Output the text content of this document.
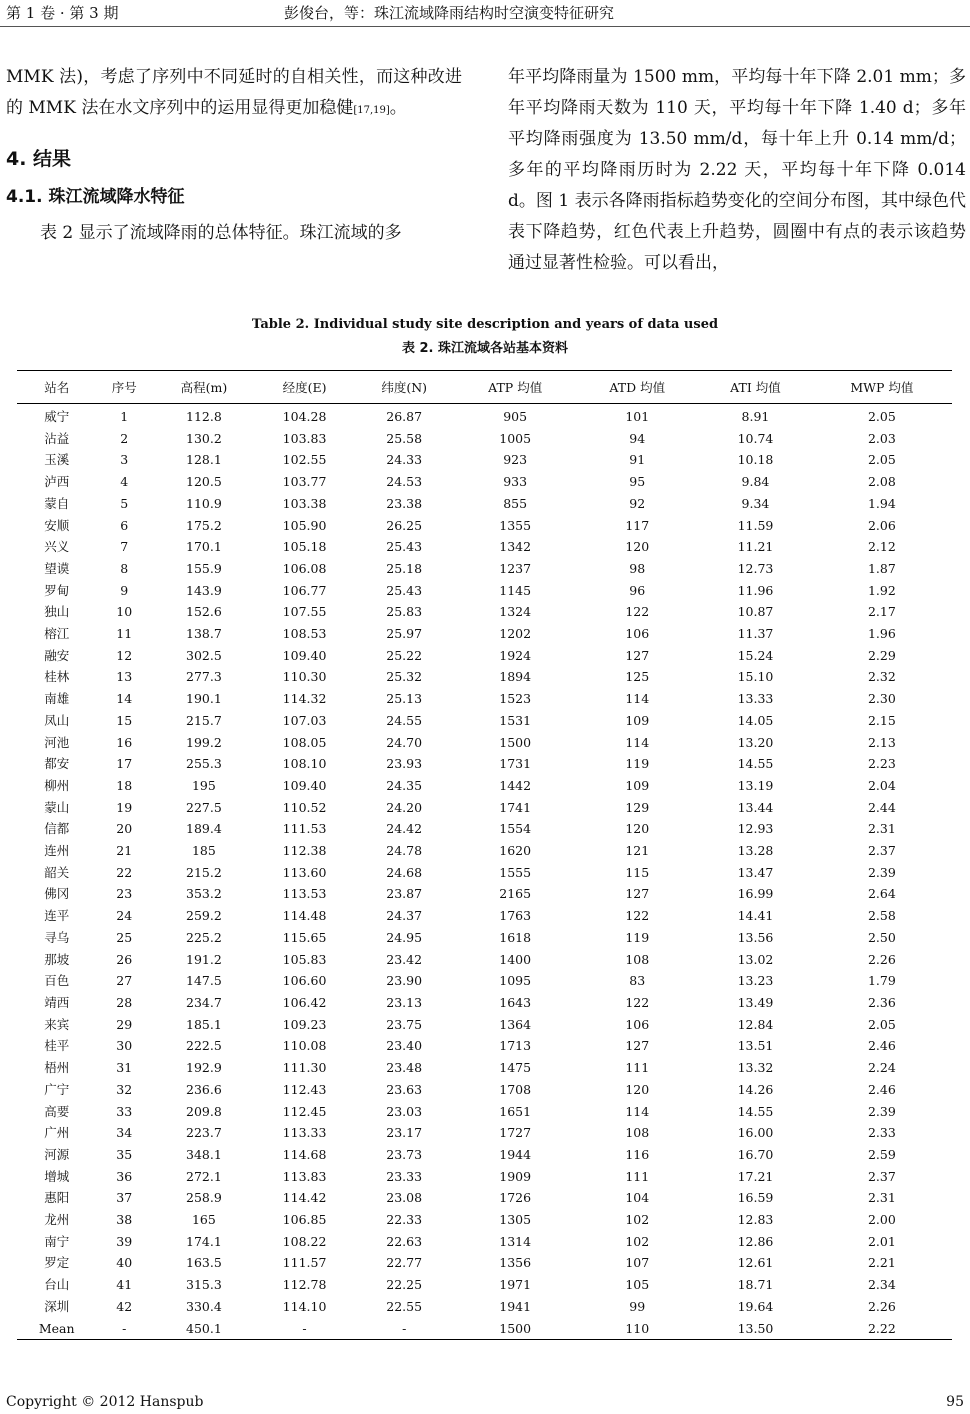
第 1 卷 · 第 3 期	彭俊台，等：珠江流域降雨结构时空演变特征研究

MMK 法)，考虑了序列中不同延时的自相关性，而这种改进的 MMK 法在水文序列中的运用显得更加稳健[17,19]。

4. 结果
4.1. 珠江流域降水特征

表 2 显示了流域降雨的总体特征。珠江流域的多

年平均降雨量为 1500 mm，平均每十年下降 2.01 mm；多年平均降雨天数为 110 天，平均每十年下降 1.40 d；多年平均降雨强度为 13.50 mm/d，每十年上升 0.14 mm/d；多年的平均降雨历时为 2.22 天，平均每十年下降 0.014 d。图 1 表示各降雨指标趋势变化的空间分布图，其中绿色代表下降趋势，红色代表上升趋势，圆圈中有点的表示该趋势通过显著性检验。可以看出，

Table 2. Individual study site description and years of data used
表 2. 珠江流域各站基本资料
站名	序号	高程(m)	经度(E)	纬度(N)	ATP 均值	ATD 均值	ATI 均值	MWP 均值
威宁	1	112.8	104.28	26.87	905	101	8.91	2.05
沾益	2	130.2	103.83	25.58	1005	94	10.74	2.03
玉溪	3	128.1	102.55	24.33	923	91	10.18	2.05
泸西	4	120.5	103.77	24.53	933	95	9.84	2.08
蒙自	5	110.9	103.38	23.38	855	92	9.34	1.94
安顺	6	175.2	105.90	26.25	1355	117	11.59	2.06
兴义	7	170.1	105.18	25.43	1342	120	11.21	2.12
望谟	8	155.9	106.08	25.18	1237	98	12.73	1.87
罗甸	9	143.9	106.77	25.43	1145	96	11.96	1.92
独山	10	152.6	107.55	25.83	1324	122	10.87	2.17
榕江	11	138.7	108.53	25.97	1202	106	11.37	1.96
融安	12	302.5	109.40	25.22	1924	127	15.24	2.29
桂林	13	277.3	110.30	25.32	1894	125	15.10	2.32
南雄	14	190.1	114.32	25.13	1523	114	13.33	2.30
凤山	15	215.7	107.03	24.55	1531	109	14.05	2.15
河池	16	199.2	108.05	24.70	1500	114	13.20	2.13
都安	17	255.3	108.10	23.93	1731	119	14.55	2.23
柳州	18	195	109.40	24.35	1442	109	13.19	2.04
蒙山	19	227.5	110.52	24.20	1741	129	13.44	2.44
信都	20	189.4	111.53	24.42	1554	120	12.93	2.31
连州	21	185	112.38	24.78	1620	121	13.28	2.37
韶关	22	215.2	113.60	24.68	1555	115	13.47	2.39
佛冈	23	353.2	113.53	23.87	2165	127	16.99	2.64
连平	24	259.2	114.48	24.37	1763	122	14.41	2.58
寻乌	25	225.2	115.65	24.95	1618	119	13.56	2.50
那坡	26	191.2	105.83	23.42	1400	108	13.02	2.26
百色	27	147.5	106.60	23.90	1095	83	13.23	1.79
靖西	28	234.7	106.42	23.13	1643	122	13.49	2.36
来宾	29	185.1	109.23	23.75	1364	106	12.84	2.05
桂平	30	222.5	110.08	23.40	1713	127	13.51	2.46
梧州	31	192.9	111.30	23.48	1475	111	13.32	2.24
广宁	32	236.6	112.43	23.63	1708	120	14.26	2.46
高要	33	209.8	112.45	23.03	1651	114	14.55	2.39
广州	34	223.7	113.33	23.17	1727	108	16.00	2.33
河源	35	348.1	114.68	23.73	1944	116	16.70	2.59
增城	36	272.1	113.83	23.33	1909	111	17.21	2.37
惠阳	37	258.9	114.42	23.08	1726	104	16.59	2.31
龙州	38	165	106.85	22.33	1305	102	12.83	2.00
南宁	39	174.1	108.22	22.63	1314	102	12.86	2.01
罗定	40	163.5	111.57	22.77	1356	107	12.61	2.21
台山	41	315.3	112.78	22.25	1971	105	18.71	2.34
深圳	42	330.4	114.10	22.55	1941	99	19.64	2.26
Mean	-	450.1	-	-	1500	110	13.50	2.22
Copyright © 2012 Hanspub	95
